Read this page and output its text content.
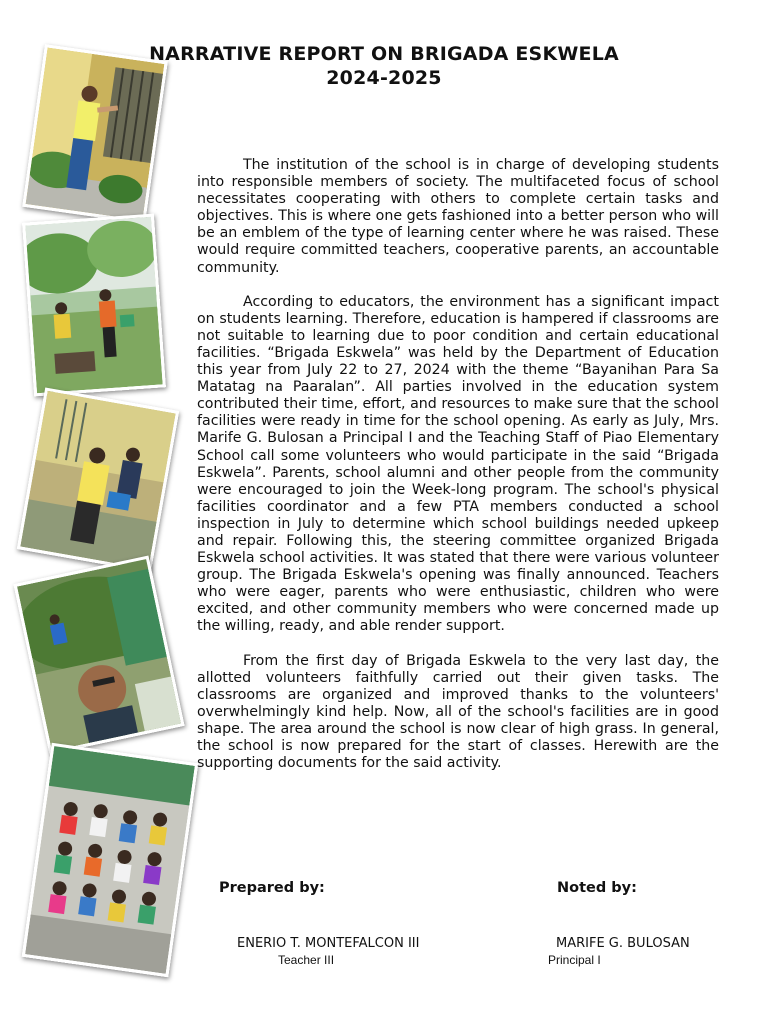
NARRATIVE REPORT ON BRIGADA ESKWELA
2024-2025

The institution of the school is in charge of developing students into responsible members of society. The multifaceted focus of school necessitates cooperating with others to complete certain tasks and objectives. This is where one gets fashioned into a better person who will be an emblem of the type of learning center where he was raised. These would require committed teachers, cooperative parents, an accountable community.

According to educators, the environment has a significant impact on students learning. Therefore, education is hampered if classrooms are not suitable to learning due to poor condition and certain educational facilities. “Brigada Eskwela” was held by the Department of Education this year from July 22 to 27, 2024 with the theme “Bayanihan Para Sa Matatag na Paaralan”. All parties involved in the education system contributed their time, effort, and resources to make sure that the school facilities were ready in time for the school opening. As early as July, Mrs. Marife G. Bulosan a Principal I and the Teaching Staff of Piao Elementary School call some volunteers who would participate in the said “Brigada Eskwela”. Parents, school alumni and other people from the community were encouraged to join the Week-long program. The school's physical facilities coordinator and a few PTA members conducted a school inspection in July to determine which school buildings needed upkeep and repair. Following this, the steering committee organized Brigada Eskwela school activities. It was stated that there were various volunteer group. The Brigada Eskwela's opening was finally announced. Teachers who were eager, parents who were enthusiastic, children who were excited, and other community members who were concerned made up the willing, ready, and able render support.

From the first day of Brigada Eskwela to the very last day, the allotted volunteers faithfully carried out their given tasks. The classrooms are organized and improved thanks to the volunteers' overwhelmingly kind help. Now, all of the school's facilities are in good shape. The area around the school is now clear of high grass. In general, the school is now prepared for the start of classes. Herewith are the supporting documents for the said activity.

Prepared by:	Noted by:
ENERIO T. MONTEFALCON III
Teacher III
MARIFE G. BULOSAN
Principal I
